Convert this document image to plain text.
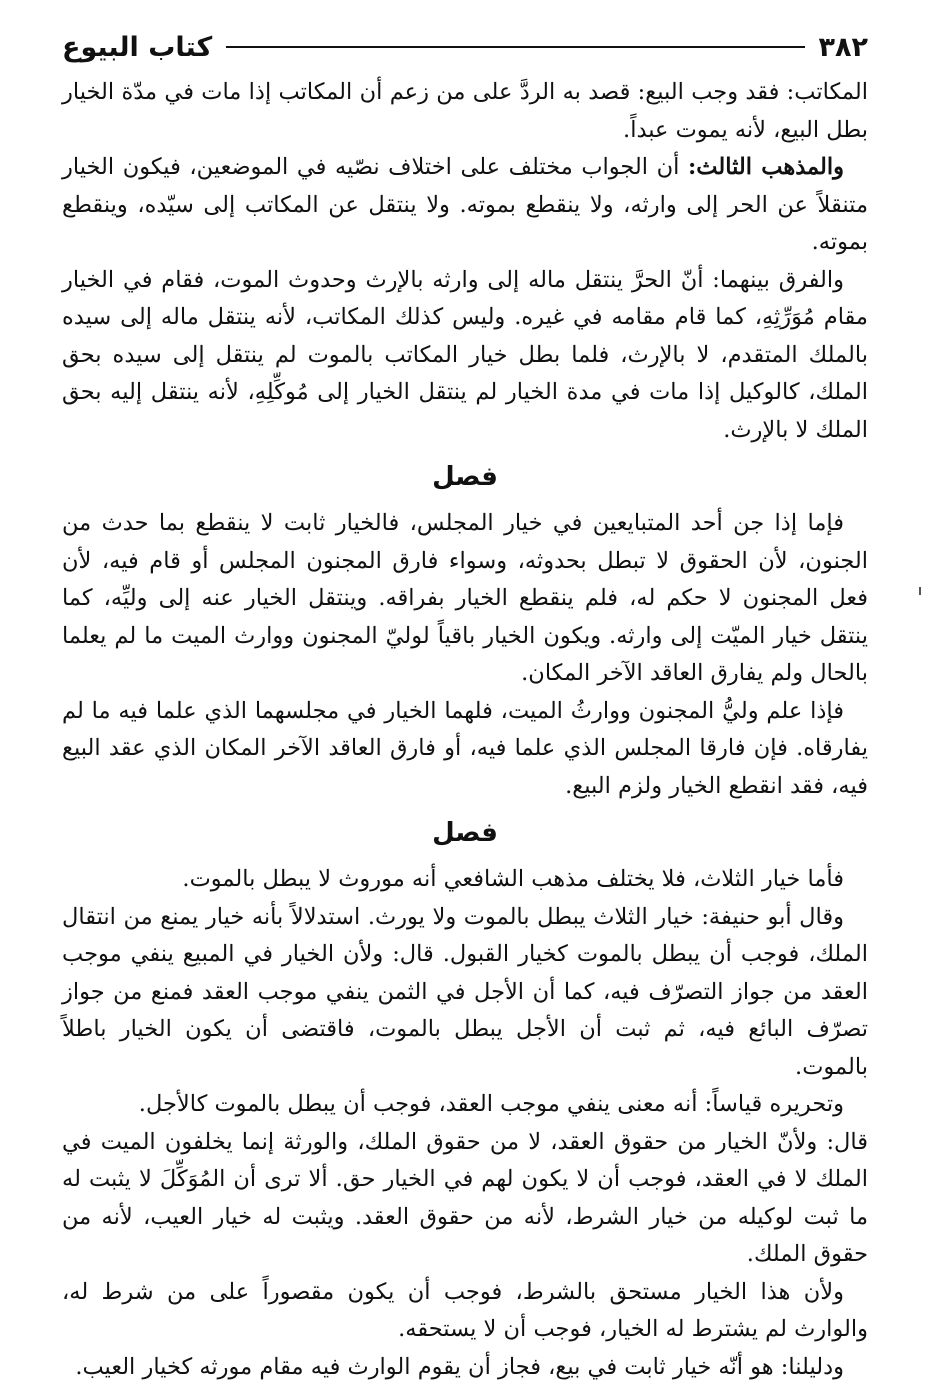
٣٨٢
كتاب البيوع

المكاتب: فقد وجب البيع: قصد به الردَّ على من زعم أن المكاتب إذا مات في مدّة الخيار بطل البيع، لأنه يموت عبداً.

والمذهب الثالث: أن الجواب مختلف على اختلاف نصّيه في الموضعين، فيكون الخيار متنقلاً عن الحر إلى وارثه، ولا ينقطع بموته. ولا ينتقل عن المكاتب إلى سيّده، وينقطع بموته.

والفرق بينهما: أنّ الحرَّ ينتقل ماله إلى وارثه بالإرث وحدوث الموت، فقام في الخيار مقام مُوَرِّثِهِ، كما قام مقامه في غيره. وليس كذلك المكاتب، لأنه ينتقل ماله إلى سيده بالملك المتقدم، لا بالإرث، فلما بطل خيار المكاتب بالموت لم ينتقل إلى سيده بحق الملك، كالوكيل إذا مات في مدة الخيار لم ينتقل الخيار إلى مُوكِّلِهِ، لأنه ينتقل إليه بحق الملك لا بالإرث.

فصل

فإما إذا جن أحد المتبايعين في خيار المجلس، فالخيار ثابت لا ينقطع بما حدث من الجنون، لأن الحقوق لا تبطل بحدوثه، وسواء فارق المجنون المجلس أو قام فيه، لأن فعل المجنون لا حكم له، فلم ينقطع الخيار بفراقه. وينتقل الخيار عنه إلى وليِّه، كما ينتقل خيار الميّت إلى وارثه. ويكون الخيار باقياً لوليّ المجنون ووارث الميت ما لم يعلما بالحال ولم يفارق العاقد الآخر المكان.

فإذا علم وليُّ المجنون ووارثُ الميت، فلهما الخيار في مجلسهما الذي علما فيه ما لم يفارقاه. فإن فارقا المجلس الذي علما فيه، أو فارق العاقد الآخر المكان الذي عقد البيع فيه، فقد انقطع الخيار ولزم البيع.

فصل

فأما خيار الثلاث، فلا يختلف مذهب الشافعي أنه موروث لا يبطل بالموت.

وقال أبو حنيفة: خيار الثلاث يبطل بالموت ولا يورث. استدلالاً بأنه خيار يمنع من انتقال الملك، فوجب أن يبطل بالموت كخيار القبول. قال: ولأن الخيار في المبيع ينفي موجب العقد من جواز التصرّف فيه، كما أن الأجل في الثمن ينفي موجب العقد فمنع من جواز تصرّف البائع فيه، ثم ثبت أن الأجل يبطل بالموت، فاقتضى أن يكون الخيار باطلاً بالموت.

وتحريره قياساً: أنه معنى ينفي موجب العقد، فوجب أن يبطل بالموت كالأجل.

قال: ولأنّ الخيار من حقوق العقد، لا من حقوق الملك، والورثة إنما يخلفون الميت في الملك لا في العقد، فوجب أن لا يكون لهم في الخيار حق. ألا ترى أن المُوَكِّلَ لا يثبت له ما ثبت لوكيله من خيار الشرط، لأنه من حقوق العقد. ويثبت له خيار العيب، لأنه من حقوق الملك.

ولأن هذا الخيار مستحق بالشرط، فوجب أن يكون مقصوراً على من شرط له، والوارث لم يشترط له الخيار، فوجب أن لا يستحقه.

ودليلنا: هو أنّه خيار ثابت في بيع، فجاز أن يقوم الوارث فيه مقام مورثه كخيار العيب.
